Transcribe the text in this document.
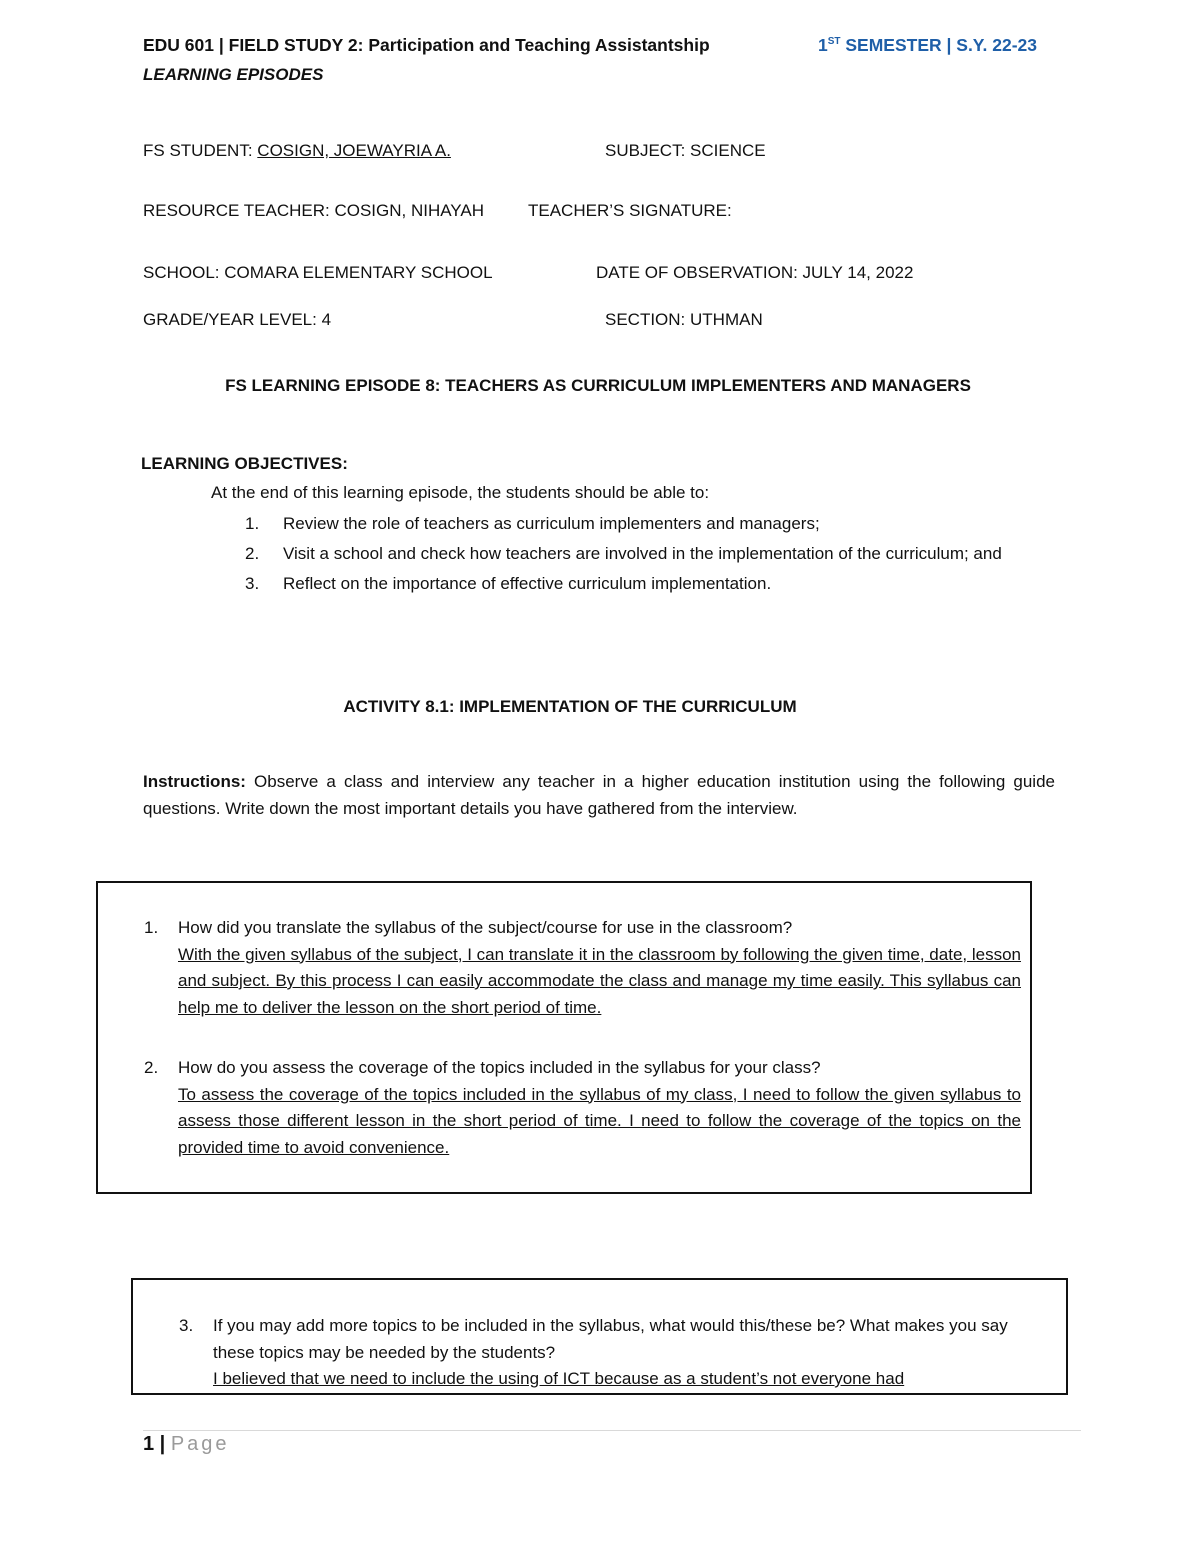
EDU 601 | FIELD STUDY 2: Participation and Teaching Assistantship	1ST SEMESTER | S.Y. 22-23
LEARNING EPISODES
FS STUDENT: COSIGN, JOEWAYRIA A.	SUBJECT: SCIENCE
RESOURCE TEACHER: COSIGN, NIHAYAH	TEACHER’S SIGNATURE:
SCHOOL: COMARA ELEMENTARY SCHOOL	DATE OF OBSERVATION: JULY 14, 2022
GRADE/YEAR LEVEL: 4	SECTION: UTHMAN
FS LEARNING EPISODE 8: TEACHERS AS CURRICULUM IMPLEMENTERS AND MANAGERS
LEARNING OBJECTIVES:
At the end of this learning episode, the students should be able to:
1. Review the role of teachers as curriculum implementers and managers;
2. Visit a school and check how teachers are involved in the implementation of the curriculum; and
3. Reflect on the importance of effective curriculum implementation.
ACTIVITY 8.1: IMPLEMENTATION OF THE CURRICULUM
Instructions: Observe a class and interview any teacher in a higher education institution using the following guide questions. Write down the most important details you have gathered from the interview.
1. How did you translate the syllabus of the subject/course for use in the classroom?
With the given syllabus of the subject, I can translate it in the classroom by following the given time, date, lesson and subject. By this process I can easily accommodate the class and manage my time easily. This syllabus can help me to deliver the lesson on the short period of time.
2. How do you assess the coverage of the topics included in the syllabus for your class?
To assess the coverage of the topics included in the syllabus of my class, I need to follow the given syllabus to assess those different lesson in the short period of time. I need to follow the coverage of the topics on the provided time to avoid convenience.
3. If you may add more topics to be included in the syllabus, what would this/these be? What makes you say these topics may be needed by the students?
I believed that we need to include the using of ICT because as a student’s not everyone had
1 | Page
